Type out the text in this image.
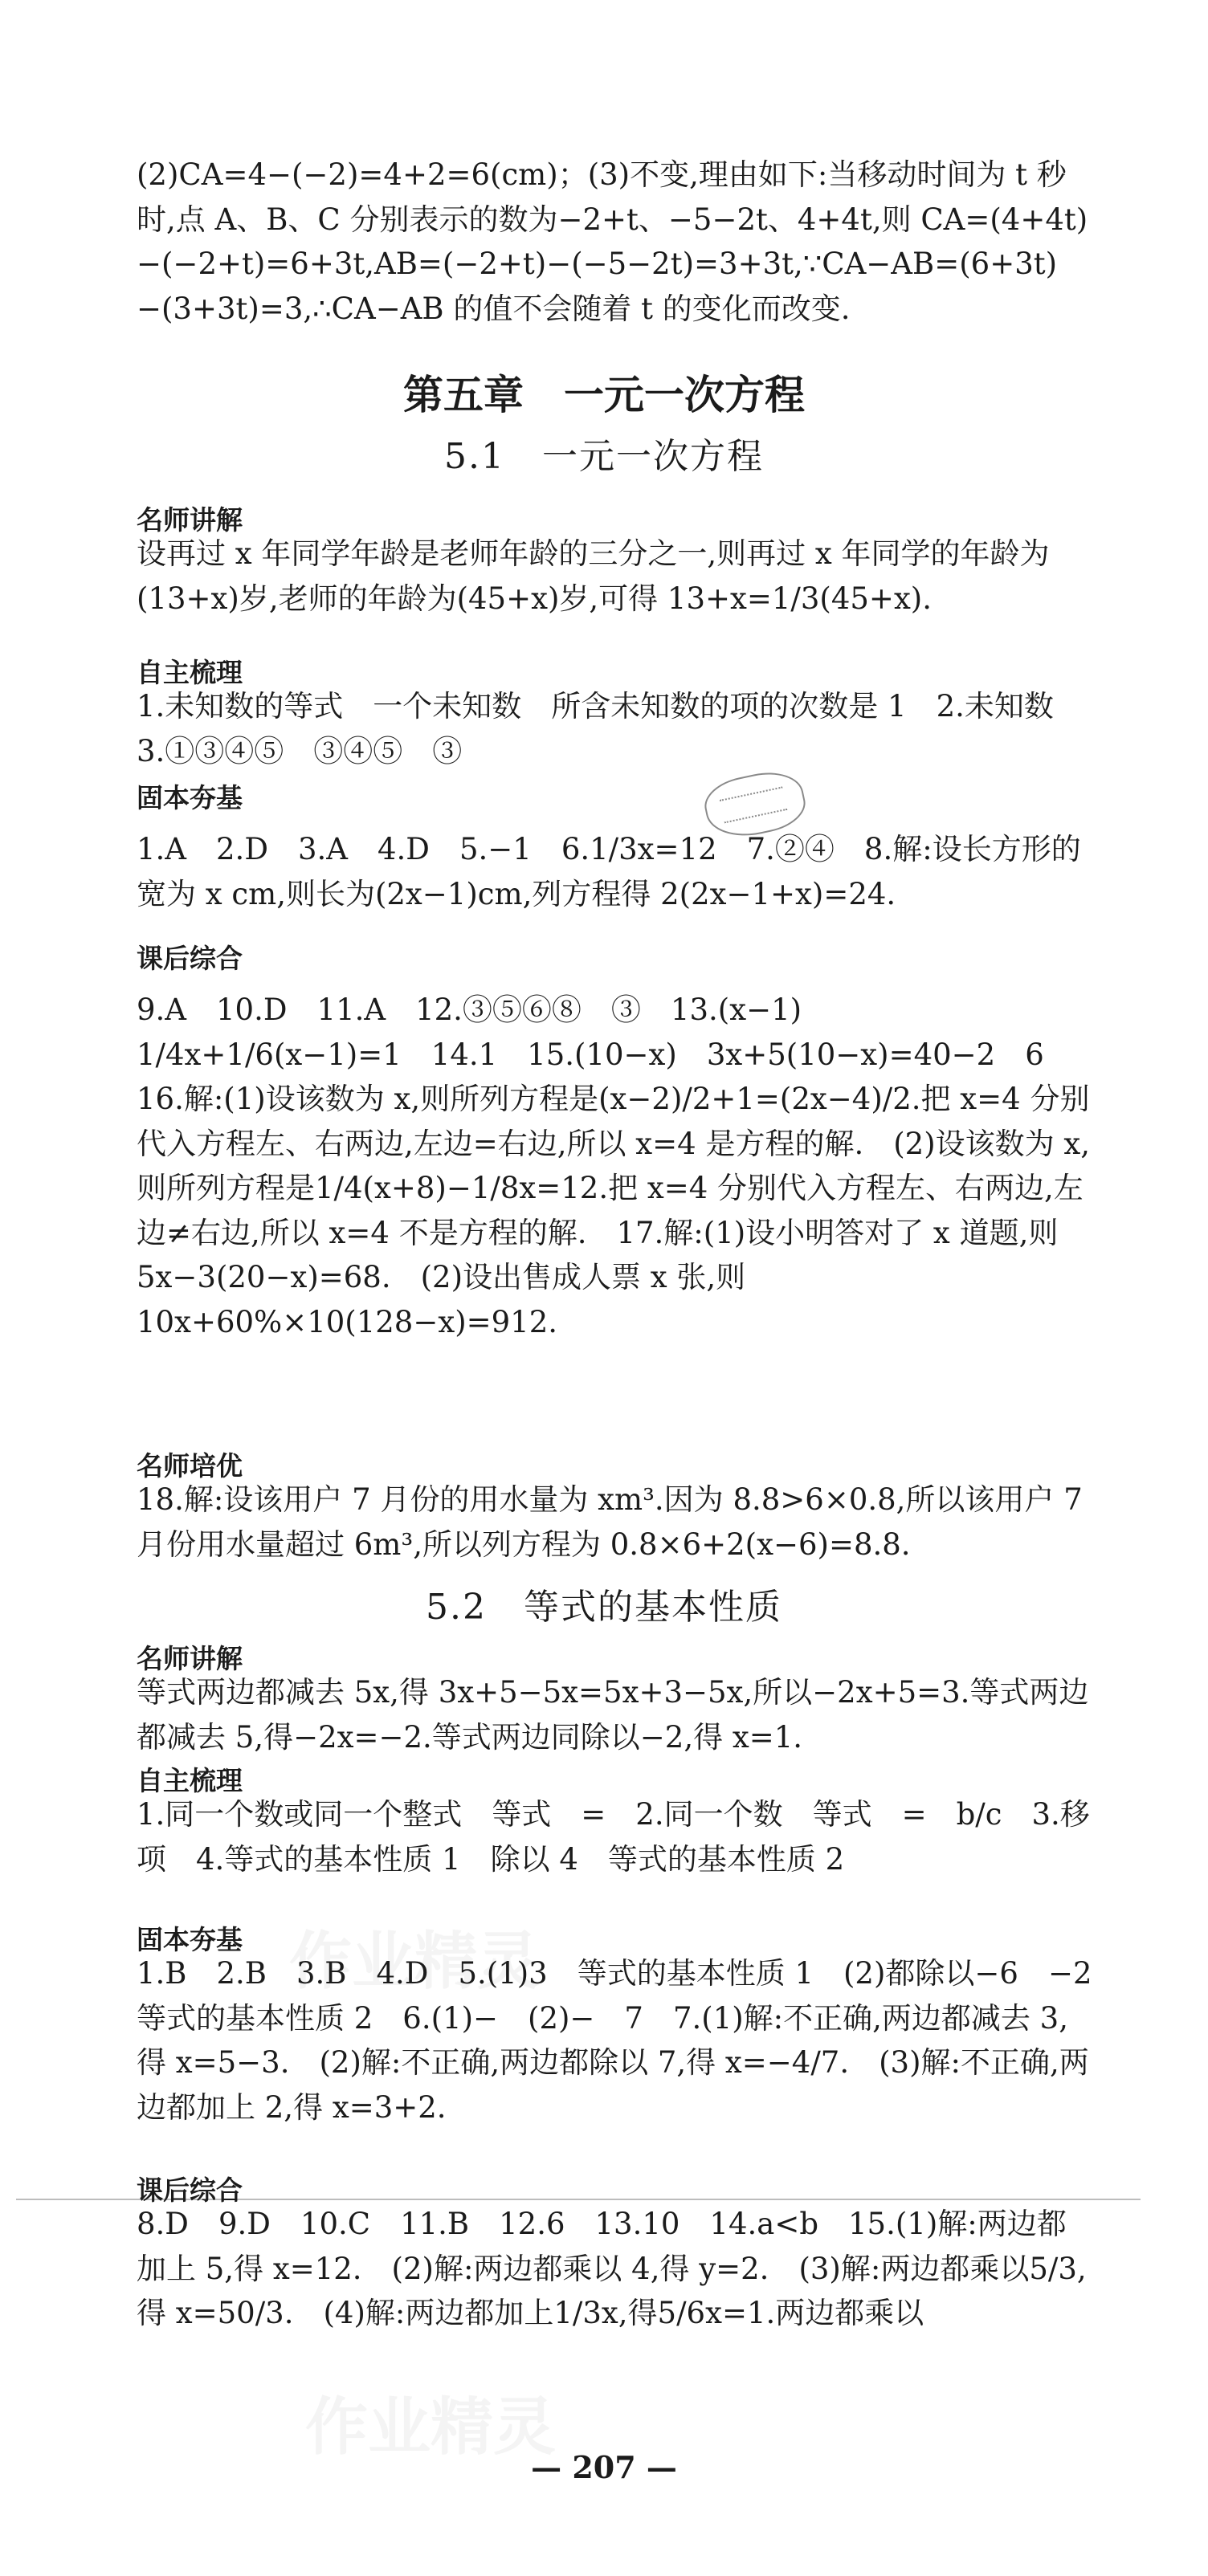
(2)CA=4−(−2)=4+2=6(cm)；(3)不变,理由如下:当移动时间为 t 秒时,点 A、B、C 分别表示的数为−2+t、−5−2t、4+4t,则 CA=(4+4t)−(−2+t)=6+3t,AB=(−2+t)−(−5−2t)=3+3t,∵CA−AB=(6+3t)−(3+3t)=3,∴CA−AB 的值不会随着 t 的变化而改变.
第五章　一元一次方程
5.1　一元一次方程
名师讲解
设再过 x 年同学年龄是老师年龄的三分之一,则再过 x 年同学的年龄为(13+x)岁,老师的年龄为(45+x)岁,可得 13+x=1/3(45+x).
自主梳理
1.未知数的等式　一个未知数　所含未知数的项的次数是 1　2.未知数　3.①③④⑤　③④⑤　③
固本夯基
1.A　2.D　3.A　4.D　5.−1　6.1/3x=12　7.②④　8.解:设长方形的宽为 x cm,则长为(2x−1)cm,列方程得 2(2x−1+x)=24.
课后综合
9.A　10.D　11.A　12.③⑤⑥⑧　③　13.(x−1)　1/4x+1/6(x−1)=1　14.1　15.(10−x)　3x+5(10−x)=40−2　6　16.解:(1)设该数为 x,则所列方程是(x−2)/2+1=(2x−4)/2.把 x=4 分别代入方程左、右两边,左边=右边,所以 x=4 是方程的解.　(2)设该数为 x,则所列方程是1/4(x+8)−1/8x=12.把 x=4 分别代入方程左、右两边,左边≠右边,所以 x=4 不是方程的解.　17.解:(1)设小明答对了 x 道题,则 5x−3(20−x)=68.　(2)设出售成人票 x 张,则 10x+60%×10(128−x)=912.
名师培优
18.解:设该用户 7 月份的用水量为 xm³.因为 8.8>6×0.8,所以该用户 7 月份用水量超过 6m³,所以列方程为 0.8×6+2(x−6)=8.8.
5.2　等式的基本性质
名师讲解
等式两边都减去 5x,得 3x+5−5x=5x+3−5x,所以−2x+5=3.等式两边都减去 5,得−2x=−2.等式两边同除以−2,得 x=1.
自主梳理
1.同一个数或同一个整式　等式　=　2.同一个数　等式　=　b/c　3.移项　4.等式的基本性质 1　除以 4　等式的基本性质 2
固本夯基
1.B　2.B　3.B　4.D　5.(1)3　等式的基本性质 1　(2)都除以−6　−2　等式的基本性质 2　6.(1)−　(2)−　7　7.(1)解:不正确,两边都减去 3,得 x=5−3.　(2)解:不正确,两边都除以 7,得 x=−4/7.　(3)解:不正确,两边都加上 2,得 x=3+2.
课后综合
8.D　9.D　10.C　11.B　12.6　13.10　14.a<b　15.(1)解:两边都加上 5,得 x=12.　(2)解:两边都乘以 4,得 y=2.　(3)解:两边都乘以5/3,得 x=50/3.　(4)解:两边都加上1/3x,得5/6x=1.两边都乘以
— 207 —
